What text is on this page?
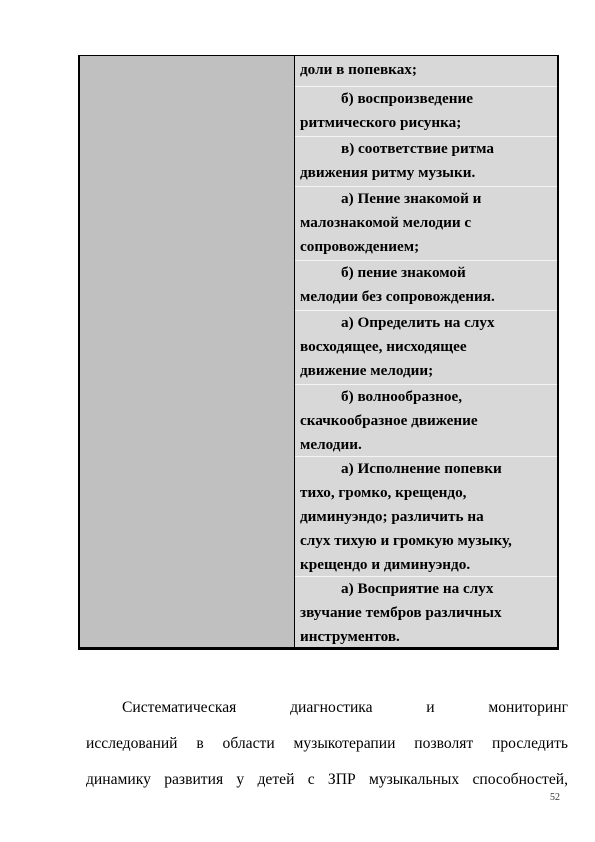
доли в попевках;
б) воспроизведение
ритмического рисунка;
в) соответствие ритма
движения ритму музыки.
а) Пение знакомой и
малознакомой мелодии с
сопровождением;
б) пение знакомой
мелодии без сопровождения.
а) Определить на слух
восходящее, нисходящее
движение мелодии;
б) волнообразное,
скачкообразное движение
мелодии.
а) Исполнение попевки
тихо, громко, крещендо,
диминуэндо; различить на
слух тихую и громкую музыку,
крещендо и диминуэндо.
а) Восприятие на слух
звучание тембров различных
инструментов.
Систематическая диагностика и мониторинг
исследований в области музыкотерапии позволят проследить
динамику развития у детей с ЗПР музыкальных способностей,
52
